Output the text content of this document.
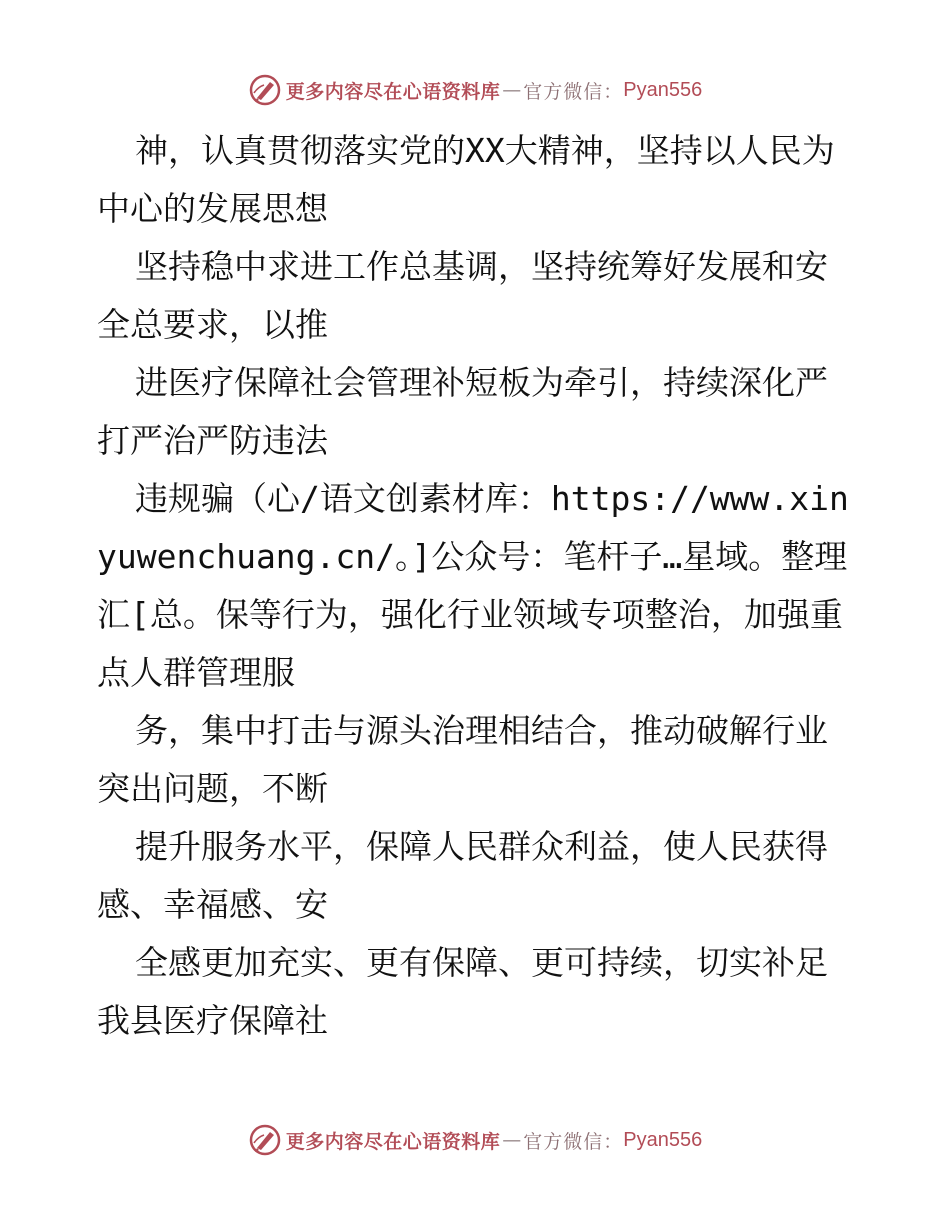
更多内容尽在心语资料库 — 官方微信： Pyan556

神，认真贯彻落实党的XX大精神，坚持以人民为中心的发展思想

坚持稳中求进工作总基调，坚持统筹好发展和安全总要求，以推

进医疗保障社会管理补短板为牵引，持续深化严打严治严防违法

违规骗（心/语文创素材库：https://www.xinyuwenchuang.cn/。]公众号：笔杆子…星域。整理汇[总。保等行为，强化行业领域专项整治，加强重点人群管理服

务，集中打击与源头治理相结合，推动破解行业突出问题，不断

提升服务水平，保障人民群众利益，使人民获得感、幸福感、安

全感更加充实、更有保障、更可持续，切实补足我县医疗保障社

更多内容尽在心语资料库 — 官方微信： Pyan556
